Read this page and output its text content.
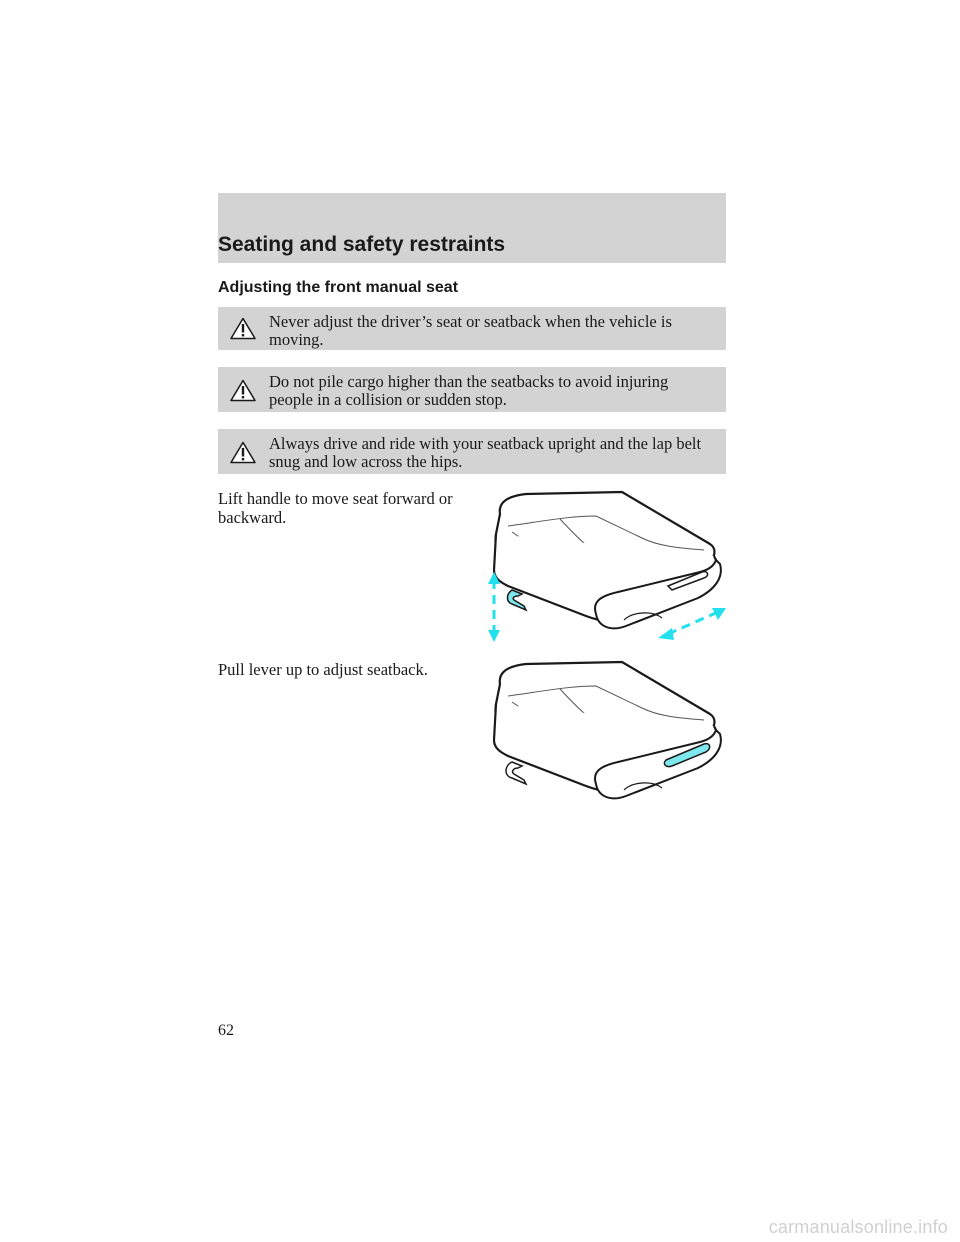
Seating and safety restraints
Adjusting the front manual seat
Never adjust the driver’s seat or seatback when the vehicle is moving.
Do not pile cargo higher than the seatbacks to avoid injuring people in a collision or sudden stop.
Always drive and ride with your seatback upright and the lap belt snug and low across the hips.
Lift handle to move seat forward or backward.
Pull lever up to adjust seatback.
62
carmanualsonline.info
